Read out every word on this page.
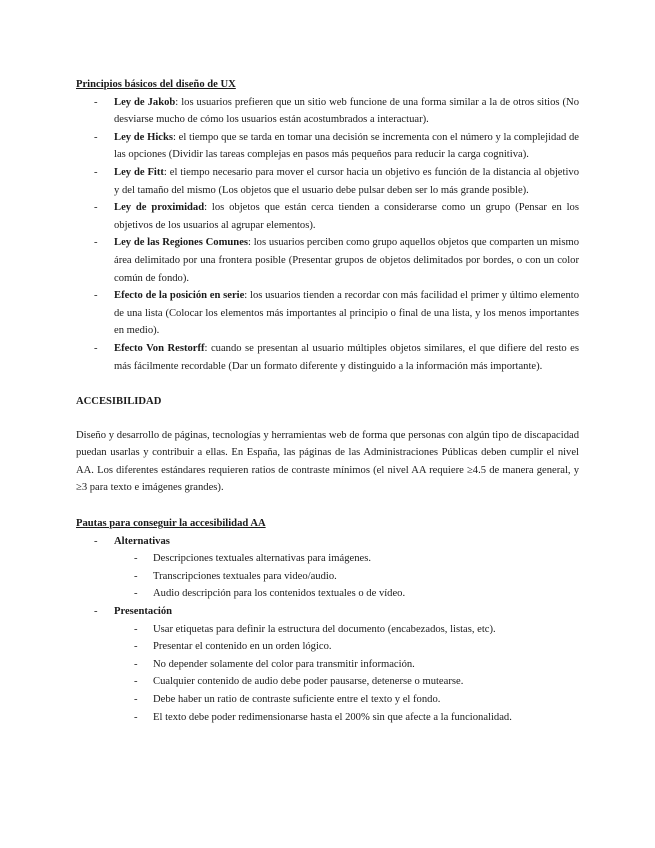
Principios básicos del diseño de UX

- Ley de Jakob: los usuarios prefieren que un sitio web funcione de una forma similar a la de otros sitios (No desviarse mucho de cómo los usuarios están acostumbrados a interactuar).
- Ley de Hicks: el tiempo que se tarda en tomar una decisión se incrementa con el número y la complejidad de las opciones (Dividir las tareas complejas en pasos más pequeños para reducir la carga cognitiva).
- Ley de Fitt: el tiempo necesario para mover el cursor hacia un objetivo es función de la distancia al objetivo y del tamaño del mismo (Los objetos que el usuario debe pulsar deben ser lo más grande posible).
- Ley de proximidad: los objetos que están cerca tienden a considerarse como un grupo (Pensar en los objetivos de los usuarios al agrupar elementos).
- Ley de las Regiones Comunes: los usuarios perciben como grupo aquellos objetos que comparten un mismo área delimitado por una frontera posible (Presentar grupos de objetos delimitados por bordes, o con un color común de fondo).
- Efecto de la posición en serie: los usuarios tienden a recordar con más facilidad el primer y último elemento de una lista (Colocar los elementos más importantes al principio o final de una lista, y los menos importantes en medio).
- Efecto Von Restorff: cuando se presentan al usuario múltiples objetos similares, el que difiere del resto es más fácilmente recordable (Dar un formato diferente y distinguido a la información más importante).

ACCESIBILIDAD

Diseño y desarrollo de páginas, tecnologías y herramientas web de forma que personas con algún tipo de discapacidad puedan usarlas y contribuir a ellas. En España, las páginas de las Administraciones Públicas deben cumplir el nivel AA. Los diferentes estándares requieren ratios de contraste mínimos (el nivel AA requiere ≥4.5 de manera general, y ≥3 para texto e imágenes grandes).

Pautas para conseguir la accesibilidad AA

- Alternativas
- Descripciones textuales alternativas para imágenes.
- Transcripciones textuales para video/audio.
- Audio descripción para los contenidos textuales o de vídeo.
- Presentación
- Usar etiquetas para definir la estructura del documento (encabezados, listas, etc).
- Presentar el contenido en un orden lógico.
- No depender solamente del color para transmitir información.
- Cualquier contenido de audio debe poder pausarse, detenerse o mutearse.
- Debe haber un ratio de contraste suficiente entre el texto y el fondo.
- El texto debe poder redimensionarse hasta el 200% sin que afecte a la funcionalidad.
